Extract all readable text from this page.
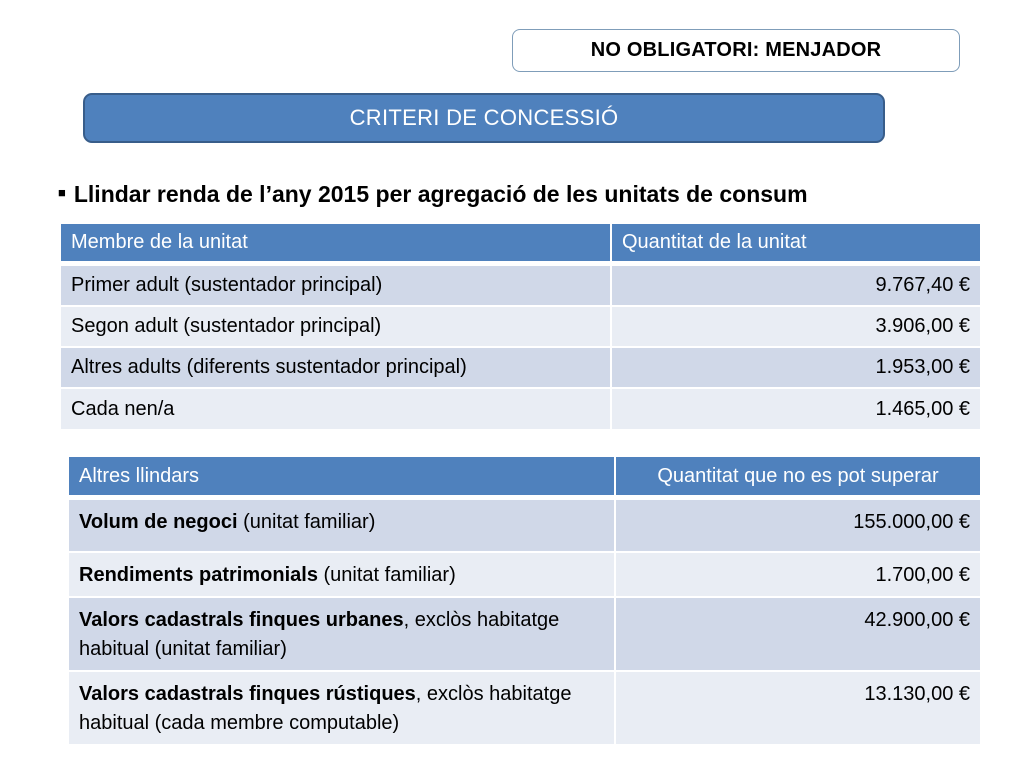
NO OBLIGATORI: MENJADOR
CRITERI DE CONCESSIÓ
■ Llindar renda de l’any 2015 per agregació de les unitats de consum
Membre de la unitat	Quantitat de la unitat
Primer adult (sustentador principal)	9.767,40 €
Segon adult (sustentador principal)	3.906,00 €
Altres adults (diferents sustentador principal)	1.953,00 €
Cada nen/a	1.465,00 €
Altres llindars	Quantitat que no es pot superar
Volum de negoci (unitat familiar)	155.000,00 €
Rendiments patrimonials (unitat familiar)	1.700,00 €
Valors cadastrals finques urbanes, exclòs habitatge habitual (unitat familiar)	42.900,00 €
Valors cadastrals finques rústiques, exclòs habitatge habitual (cada membre computable)	13.130,00 €
